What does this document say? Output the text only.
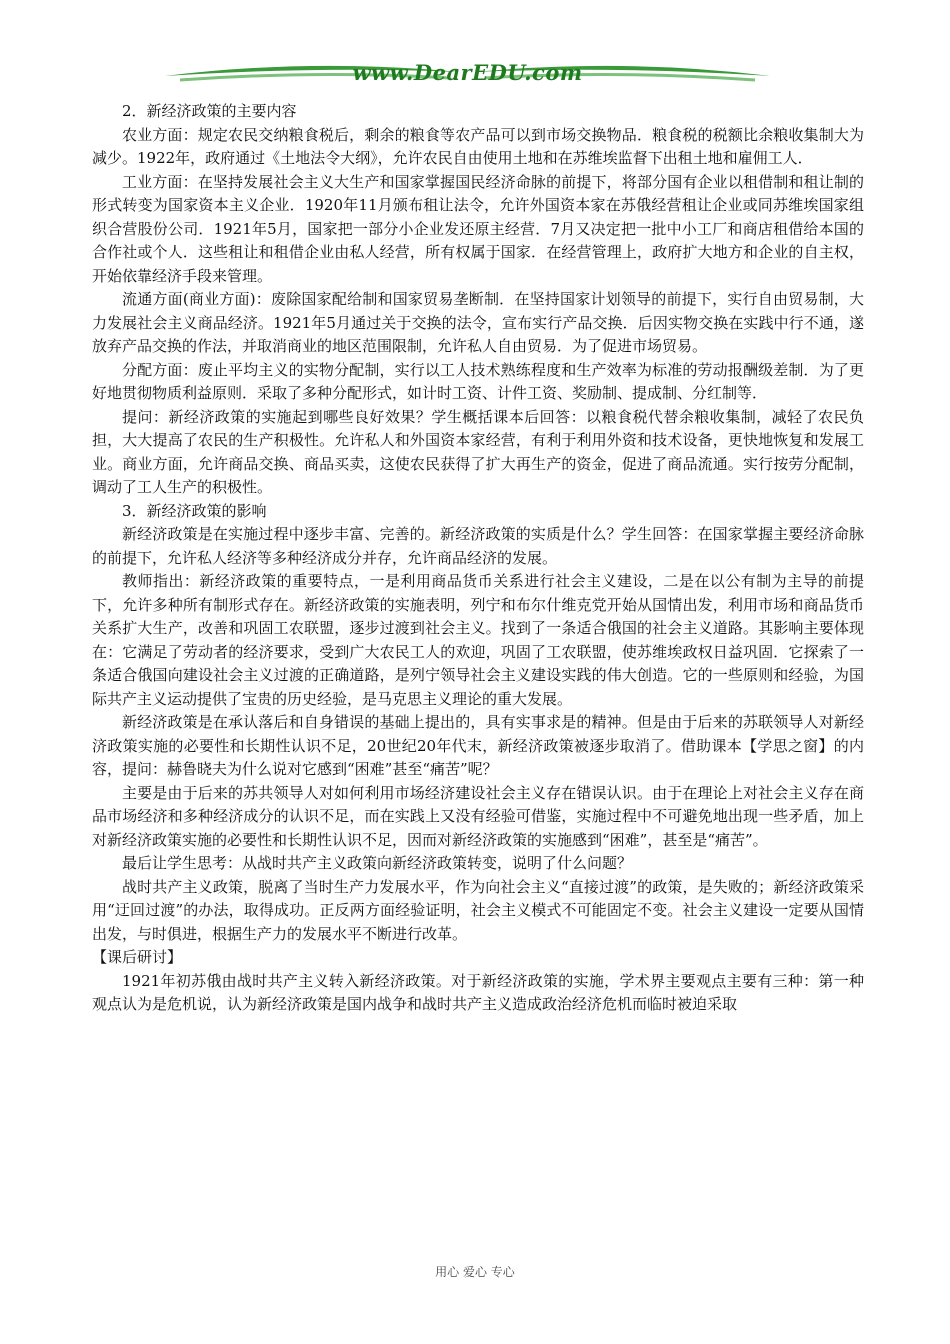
www.DearEDU.com

2．新经济政策的主要内容

农业方面：规定农民交纳粮食税后，剩余的粮食等农产品可以到市场交换物品．粮食税的税额比余粮收集制大为减少。1922年，政府通过《土地法令大纲》，允许农民自由使用土地和在苏维埃监督下出租土地和雇佣工人．

工业方面：在坚持发展社会主义大生产和国家掌握国民经济命脉的前提下，将部分国有企业以租借制和租让制的形式转变为国家资本主义企业．1920年11月颁布租让法令，允许外国资本家在苏俄经营租让企业或同苏维埃国家组织合营股份公司．1921年5月，国家把一部分小企业发还原主经营．7月又决定把一批中小工厂和商店租借给本国的合作社或个人．这些租让和租借企业由私人经营，所有权属于国家．在经营管理上，政府扩大地方和企业的自主权，开始依靠经济手段来管理。

流通方面(商业方面)：废除国家配给制和国家贸易垄断制．在坚持国家计划领导的前提下，实行自由贸易制，大力发展社会主义商品经济。1921年5月通过关于交换的法令，宣布实行产品交换．后因实物交换在实践中行不通，遂放弃产品交换的作法，并取消商业的地区范围限制，允许私人自由贸易．为了促进市场贸易。

分配方面：废止平均主义的实物分配制，实行以工人技术熟练程度和生产效率为标准的劳动报酬级差制．为了更好地贯彻物质利益原则．采取了多种分配形式，如计时工资、计件工资、奖励制、提成制、分红制等．

提问：新经济政策的实施起到哪些良好效果？学生概括课本后回答：以粮食税代替余粮收集制，减轻了农民负担，大大提高了农民的生产积极性。允许私人和外国资本家经营，有利于利用外资和技术设备，更快地恢复和发展工业。商业方面，允许商品交换、商品买卖，这使农民获得了扩大再生产的资金，促进了商品流通。实行按劳分配制，调动了工人生产的积极性。

3．新经济政策的影响

新经济政策是在实施过程中逐步丰富、完善的。新经济政策的实质是什么？学生回答：在国家掌握主要经济命脉的前提下，允许私人经济等多种经济成分并存，允许商品经济的发展。

教师指出：新经济政策的重要特点，一是利用商品货币关系进行社会主义建设，二是在以公有制为主导的前提下，允许多种所有制形式存在。新经济政策的实施表明，列宁和布尔什维克党开始从国情出发，利用市场和商品货币关系扩大生产，改善和巩固工农联盟，逐步过渡到社会主义。找到了一条适合俄国的社会主义道路。其影响主要体现在：它满足了劳动者的经济要求，受到广大农民工人的欢迎，巩固了工农联盟，使苏维埃政权日益巩固．它探索了一条适合俄国向建设社会主义过渡的正确道路，是列宁领导社会主义建设实践的伟大创造。它的一些原则和经验，为国际共产主义运动提供了宝贵的历史经验，是马克思主义理论的重大发展。

新经济政策是在承认落后和自身错误的基础上提出的，具有实事求是的精神。但是由于后来的苏联领导人对新经济政策实施的必要性和长期性认识不足，20世纪20年代末，新经济政策被逐步取消了。借助课本【学思之窗】的内容，提问：赫鲁晓夫为什么说对它感到“困难”甚至“痛苦”呢？

主要是由于后来的苏共领导人对如何利用市场经济建设社会主义存在错误认识。由于在理论上对社会主义存在商品市场经济和多种经济成分的认识不足，而在实践上又没有经验可借鉴，实施过程中不可避免地出现一些矛盾，加上对新经济政策实施的必要性和长期性认识不足，因而对新经济政策的实施感到“困难”，甚至是“痛苦”。

最后让学生思考：从战时共产主义政策向新经济政策转变，说明了什么问题？

战时共产主义政策，脱离了当时生产力发展水平，作为向社会主义“直接过渡”的政策，是失败的；新经济政策采用“迂回过渡”的办法，取得成功。正反两方面经验证明，社会主义模式不可能固定不变。社会主义建设一定要从国情出发，与时俱进，根据生产力的发展水平不断进行改革。

【课后研讨】

1921年初苏俄由战时共产主义转入新经济政策。对于新经济政策的实施，学术界主要观点主要有三种：第一种观点认为是危机说，认为新经济政策是国内战争和战时共产主义造成政治经济危机而临时被迫采取

用心 爱心 专心
